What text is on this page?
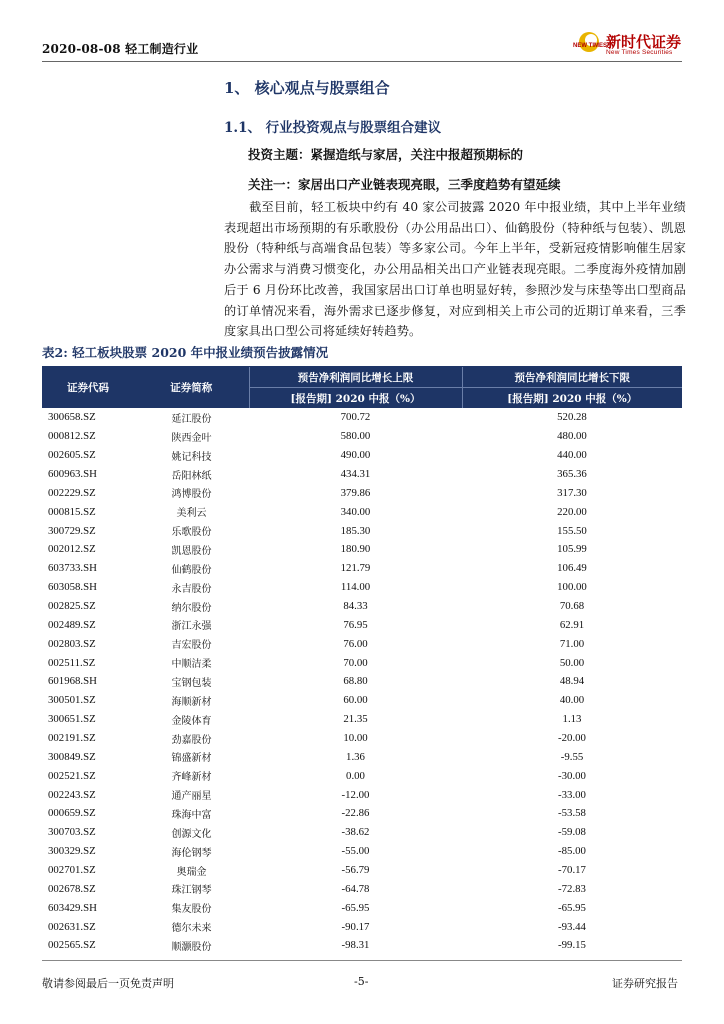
2020-08-08 轻工制造行业	NEW TIMES 新时代证券
New Times Securities
1、 核心观点与股票组合
1.1、 行业投资观点与股票组合建议
投资主题：紧握造纸与家居，关注中报超预期标的
关注一：家居出口产业链表现亮眼，三季度趋势有望延续
截至目前，轻工板块中约有 40 家公司披露 2020 年中报业绩，其中上半年业绩表现超出市场预期的有乐歌股份（办公用品出口）、仙鹤股份（特种纸与包装）、凯恩股份（特种纸与高端食品包装）等多家公司。今年上半年，受新冠疫情影响催生居家办公需求与消费习惯变化，办公用品相关出口产业链表现亮眼。二季度海外疫情加剧后于 6 月份环比改善，我国家居出口订单也明显好转，参照沙发与床垫等出口型商品的订单情况来看，海外需求已逐步修复，对应到相关上市公司的近期订单来看，三季度家具出口型公司将延续好转趋势。
表2: 轻工板块股票 2020 年中报业绩预告披露情况
证券代码	证券简称	预告净利润同比增长上限	预告净利润同比增长下限
		[报告期] 2020 中报（%）	[报告期] 2020 中报（%）
300658.SZ	延江股份	700.72	520.28
000812.SZ	陕西金叶	580.00	480.00
002605.SZ	姚记科技	490.00	440.00
600963.SH	岳阳林纸	434.31	365.36
002229.SZ	鸿博股份	379.86	317.30
000815.SZ	美利云	340.00	220.00
300729.SZ	乐歌股份	185.30	155.50
002012.SZ	凯恩股份	180.90	105.99
603733.SH	仙鹤股份	121.79	106.49
603058.SH	永吉股份	114.00	100.00
002825.SZ	纳尔股份	84.33	70.68
002489.SZ	浙江永强	76.95	62.91
002803.SZ	吉宏股份	76.00	71.00
002511.SZ	中顺洁柔	70.00	50.00
601968.SH	宝钢包装	68.80	48.94
300501.SZ	海顺新材	60.00	40.00
300651.SZ	金陵体育	21.35	1.13
002191.SZ	劲嘉股份	10.00	-20.00
300849.SZ	锦盛新材	1.36	-9.55
002521.SZ	齐峰新材	0.00	-30.00
002243.SZ	通产丽星	-12.00	-33.00
000659.SZ	珠海中富	-22.86	-53.58
300703.SZ	创源文化	-38.62	-59.08
300329.SZ	海伦钢琴	-55.00	-85.00
002701.SZ	奥瑞金	-56.79	-70.17
002678.SZ	珠江钢琴	-64.78	-72.83
603429.SH	集友股份	-65.95	-65.95
002631.SZ	德尔未来	-90.17	-93.44
002565.SZ	顺灏股份	-98.31	-99.15
敬请参阅最后一页免责声明	-5-	证券研究报告
